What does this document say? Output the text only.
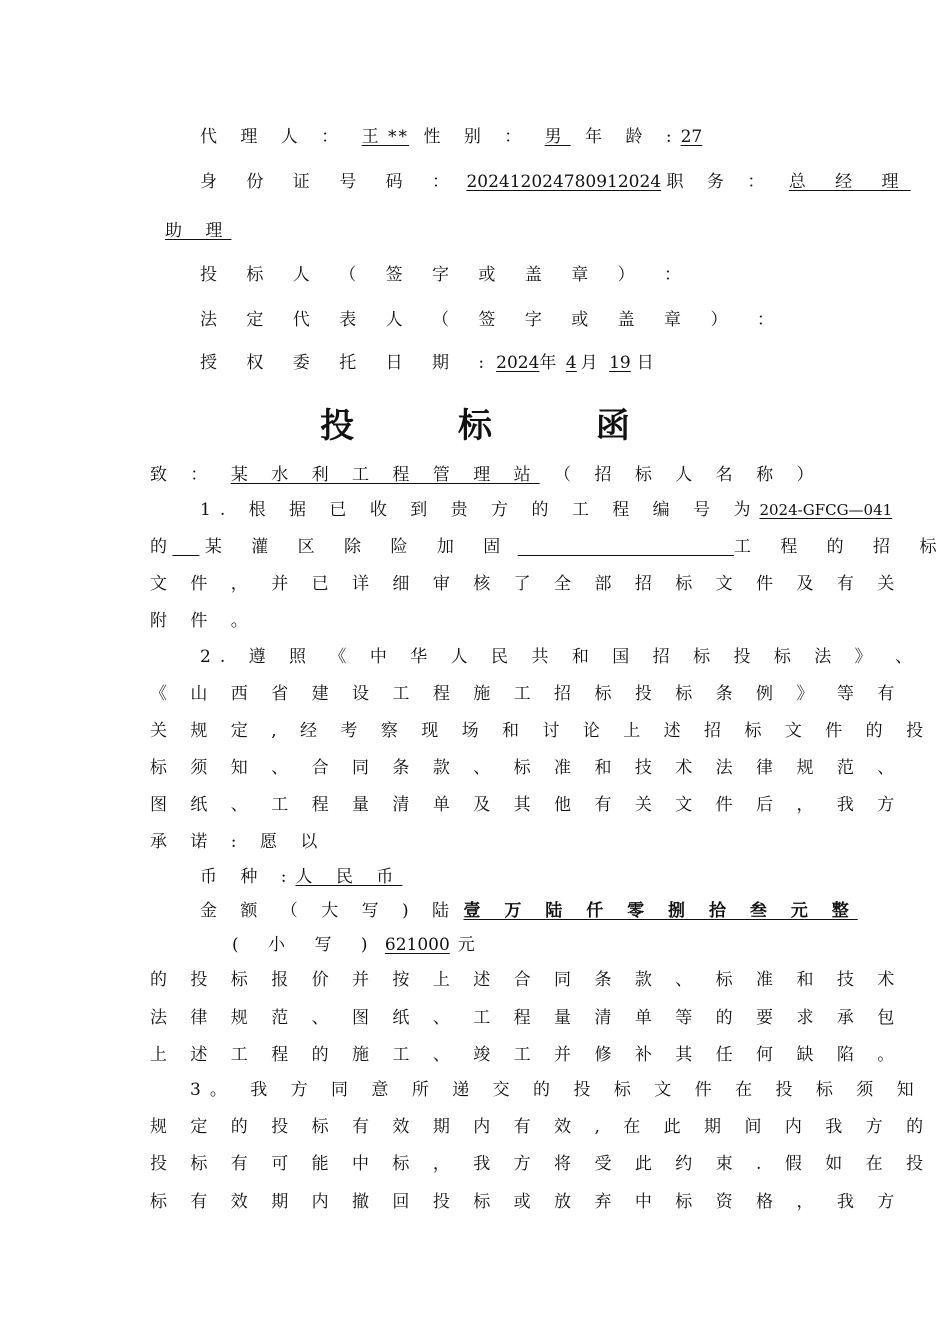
代 理 人 ： 王 ** 性 别 ： 男 年 龄 :27
身 份 证 号 码 ： 202412024780912024 职 务 ： 总 经 理
助 理
投 标 人 （ 签 字 或 盖 章 ） ：
法 定 代 表 人 （ 签 字 或 盖 章 ） ：
授 权 委 托 日 期 :2024年 4 月 19 日
投	标	函
致 ： 某 水 利 工 程 管 理 站 （ 招 标 人 名 称 ）
1. 根 据 已 收 到 贵 方 的 工 程 编 号 为2024-GFCG—041
的 某 灌 区 除 险 加 固	工 程 的 招 标
文 件 ， 并 已 详 细 审 核 了 全 部 招 标 文 件 及 有 关
附 件 。
2. 遵 照 《 中 华 人 民 共 和 国 招 标 投 标 法 》 、
《 山 西 省 建 设 工 程 施 工 招 标 投 标 条 例 》 等 有
关 规 定 , 经 考 察 现 场 和 讨 论 上 述 招 标 文 件 的 投
标 须 知 、 合 同 条 款 、 标 准 和 技 术 法 律 规 范 、
图 纸 、 工 程 量 清 单 及 其 他 有 关 文 件 后 ， 我 方
承 诺 : 愿 以
币 种 :人 民 币
金 额 （ 大 写 ) 陆 壹 万 陆 仟 零 捌 拾 叁 元 整
( 小 写 ) 621000 元
的 投 标 报 价 并 按 上 述 合 同 条 款 、 标 准 和 技 术
法 律 规 范 、 图 纸 、 工 程 量 清 单 等 的 要 求 承 包
上 述 工 程 的 施 工 、 竣 工 并 修 补 其 任 何 缺 陷 。
3。 我 方 同 意 所 递 交 的 投 标 文 件 在 投 标 须 知
规 定 的 投 标 有 效 期 内 有 效 , 在 此 期 间 内 我 方 的
投 标 有 可 能 中 标 ， 我 方 将 受 此 约 束 . 假 如 在 投
标 有 效 期 内 撤 回 投 标 或 放 弃 中 标 资 格 ， 我 方
